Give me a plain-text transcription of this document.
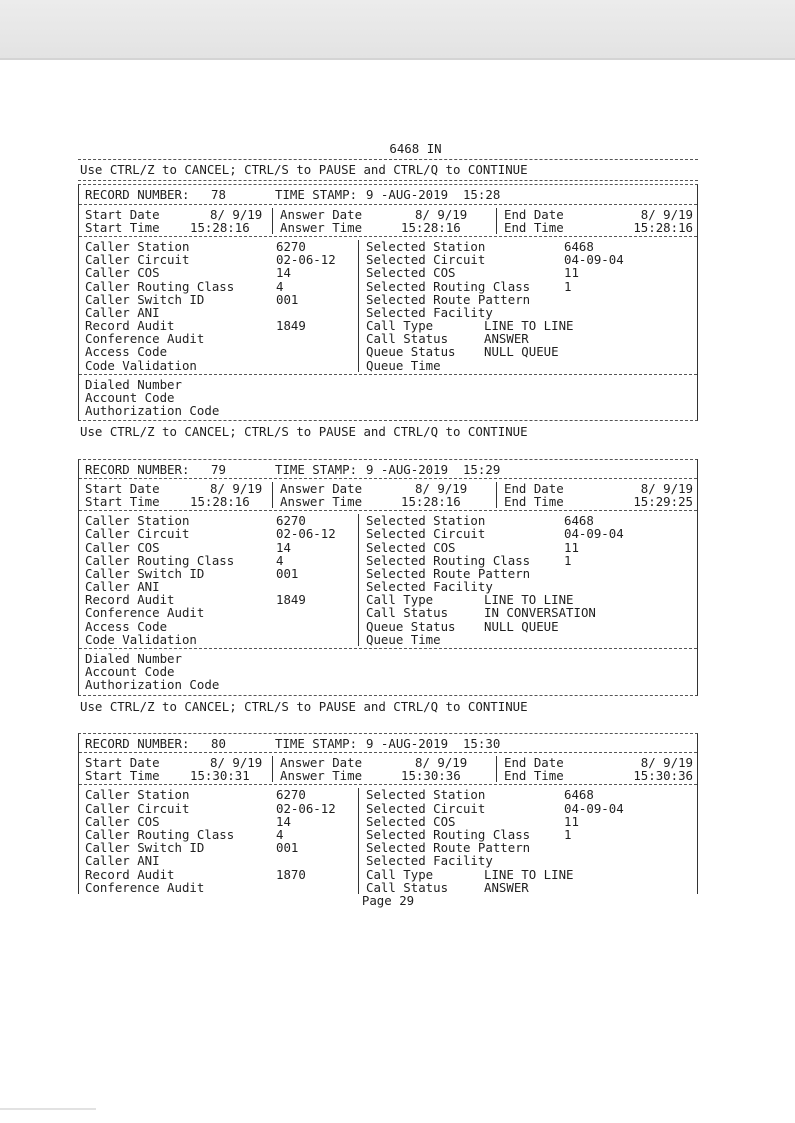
6468 IN
Use CTRL/Z to CANCEL; CTRL/S to PAUSE and CTRL/Q to CONTINUE
RECORD NUMBER: 78	TIME STAMP: 9 -AUG-2019  15:28
Start Date	8/ 9/19 Answer Date	8/ 9/19	End Date	8/ 9/19
Start Time 15:28:16 Answer Time	15:28:16	End Time	15:28:16
Caller Station	6270	Selected Station	6468
Caller Circuit	02-06-12 Selected Circuit	04-09-04
Caller COS	14	Selected COS	11
Caller Routing Class	4	Selected Routing Class	1
Caller Switch ID	001	Selected Route Pattern
Caller ANI	Selected Facility
Record Audit	1849	Call Type	LINE TO LINE
Conference Audit	Call Status	ANSWER
Access Code	Queue Status NULL QUEUE
Code Validation	Queue Time
Dialed Number
Account Code
Authorization Code
Use CTRL/Z to CANCEL; CTRL/S to PAUSE and CTRL/Q to CONTINUE
RECORD NUMBER: 79	TIME STAMP: 9 -AUG-2019  15:29
Start Date	8/ 9/19 Answer Date	8/ 9/19	End Date	8/ 9/19
Start Time 15:28:16 Answer Time	15:28:16	End Time	15:29:25
Caller Station	6270	Selected Station	6468
Caller Circuit	02-06-12 Selected Circuit	04-09-04
Caller COS	14	Selected COS	11
Caller Routing Class	4	Selected Routing Class	1
Caller Switch ID	001	Selected Route Pattern
Caller ANI	Selected Facility
Record Audit	1849	Call Type	LINE TO LINE
Conference Audit	Call Status	IN CONVERSATION
Access Code	Queue Status NULL QUEUE
Code Validation	Queue Time
Dialed Number
Account Code
Authorization Code
Use CTRL/Z to CANCEL; CTRL/S to PAUSE and CTRL/Q to CONTINUE
RECORD NUMBER: 80	TIME STAMP: 9 -AUG-2019  15:30
Start Date	8/ 9/19 Answer Date	8/ 9/19	End Date	8/ 9/19
Start Time 15:30:31 Answer Time	15:30:36	End Time	15:30:36
Caller Station	6270	Selected Station	6468
Caller Circuit	02-06-12 Selected Circuit	04-09-04
Caller COS	14	Selected COS	11
Caller Routing Class	4	Selected Routing Class	1
Caller Switch ID	001	Selected Route Pattern
Caller ANI	Selected Facility
Record Audit	1870	Call Type	LINE TO LINE
Conference Audit	Call Status	ANSWER
Page 29
